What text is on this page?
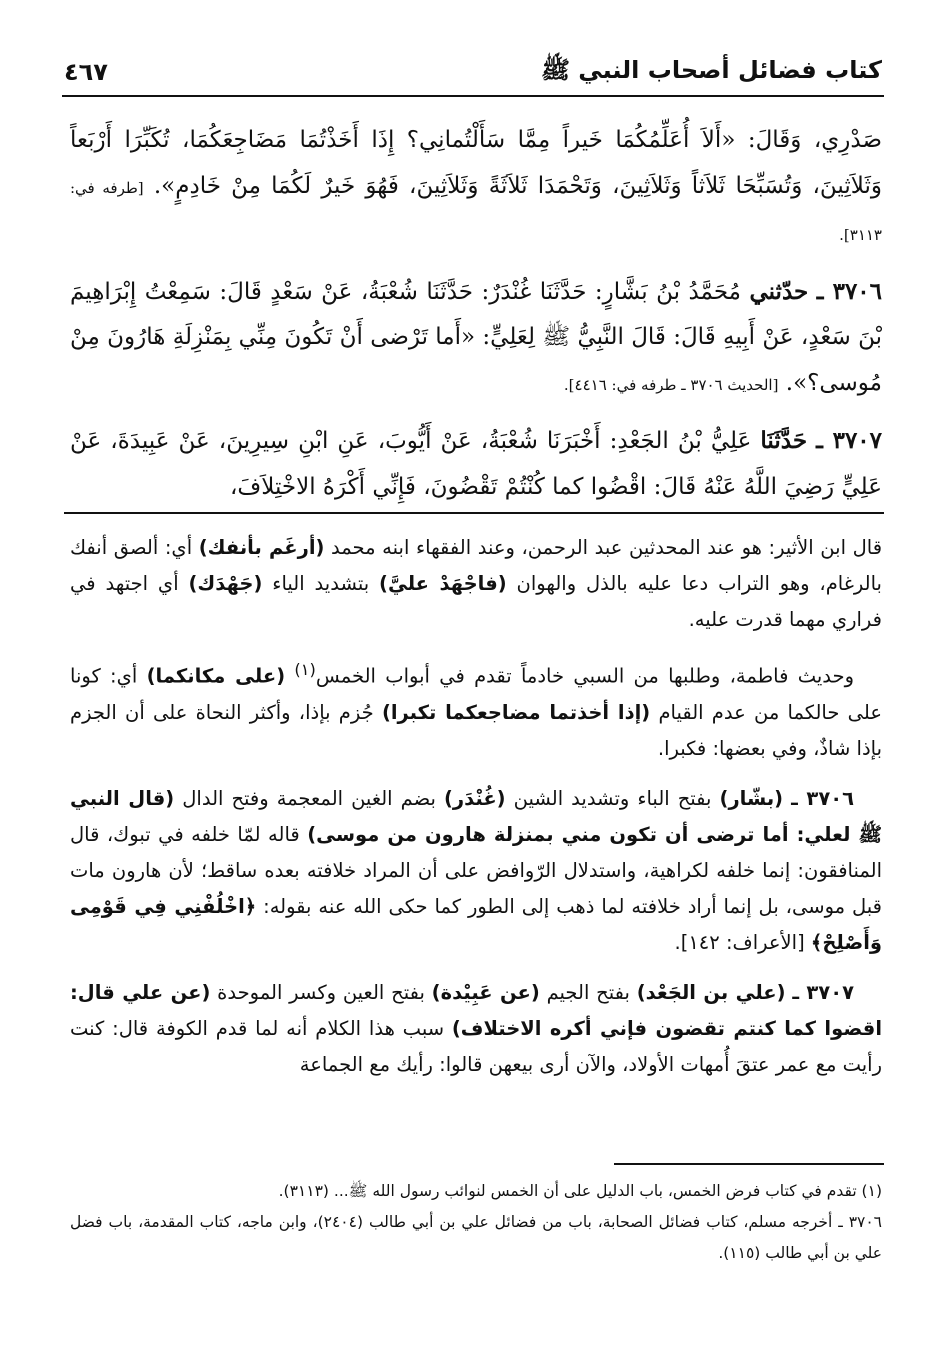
كتاب فضائل أصحاب النبي ﷺ
٤٦٧

صَدْرِي، وَقَالَ: «أَلاَ أُعَلِّمُكُمَا خَيراً مِمَّا سَأَلْتُمانِي؟ إِذَا أَخَذْتُمَا مَضَاجِعَكُمَا، تُكَبِّرَا أَرْبَعاً وَثَلاَثِينَ، وَتُسَبِّحَا ثَلاَثاً وَثَلاَثِينَ، وَتَحْمَدَا ثَلاَثَةً وَثَلاَثِينَ، فَهُوَ خَيرٌ لَكُمَا مِنْ خَادِمٍ». [طرفه في: ٣١١٣].

٣٧٠٦ ـ حدّثني مُحَمَّدُ بْنُ بَشَّارٍ: حَدَّثَنَا غُنْدَرٌ: حَدَّثَنَا شُعْبَةُ، عَنْ سَعْدٍ قَالَ: سَمِعْتُ إِبْرَاهِيمَ بْنَ سَعْدٍ، عَنْ أَبِيهِ قَالَ: قَالَ النَّبِيُّ ﷺ لِعَلِيٍّ: «أَما تَرْضى أَنْ تَكُونَ مِنِّي بِمَنْزِلَةِ هَارُونَ مِنْ مُوسى؟». [الحديث ٣٧٠٦ ـ طرفه في: ٤٤١٦].

٣٧٠٧ ـ حَدَّثَنَا عَلِيُّ بْنُ الجَعْدِ: أَخْبَرَنَا شُعْبَةُ، عَنْ أَيُّوبَ، عَنِ ابْنِ سِيرِينَ، عَنْ عَبِيدَةَ، عَنْ عَلِيٍّ رَضِيَ اللَّهُ عَنْهُ قَالَ: اقْضُوا كما كُنْتُمْ تَقْضُونَ، فَإِنِّي أَكْرَهُ الاخْتِلاَفَ،

قال ابن الأثير: هو عند المحدثين عبد الرحمن، وعند الفقهاء ابنه محمد (أرغَم بأنفك) أي: ألصق أنفك بالرغام، وهو التراب دعا عليه بالذل والهوان (فاجْهَدْ عليَّ) بتشديد الياء (جَهْدَك) أي اجتهد في فراري مهما قدرت عليه.

وحديث فاطمة، وطلبها من السبي خادماً تقدم في أبواب الخمس$^{(١)}$ (على مكانكما) أي: كونا على حالكما من عدم القيام (إذا أخذتما مضاجعكما تكبرا) جُزم بإذا، وأكثر النحاة على أن الجزم بإذا شاذٌ، وفي بعضها: فكبرا.

٣٧٠٦ ـ (بشّار) بفتح الباء وتشديد الشين (غُنْدَر) بضم الغين المعجمة وفتح الدال (قال النبي ﷺ لعلي: أما ترضى أن تكون مني بمنزلة هارون من موسى) قاله لمّا خلفه في تبوك، قال المنافقون: إنما خلفه لكراهية، واستدلال الرّوافض على أن المراد خلافته بعده ساقط؛ لأن هارون مات قبل موسى، بل إنما أراد خلافته لما ذهب إلى الطور كما حكى الله عنه بقوله: ﴿اخْلُفْنِي فِي قَوْمِى وَأَصْلِحْ﴾ [الأعراف: ١٤٢].

٣٧٠٧ ـ (علي بن الجَعْد) بفتح الجيم (عن عَبِيْدة) بفتح العين وكسر الموحدة (عن علي قال: اقضوا كما كنتم تقضون فإني أكره الاختلاف) سبب هذا الكلام أنه لما قدم الكوفة قال: كنت رأيت مع عمر عتقَ أُمهات الأولاد، والآن أرى بيعهن قالوا: رأيك مع الجماعة

(١) تقدم في كتاب فرض الخمس، باب الدليل على أن الخمس لنوائب رسول الله ﷺ... (٣١١٣).

٣٧٠٦ ـ أخرجه مسلم، كتاب فضائل الصحابة، باب من فضائل علي بن أبي طالب (٢٤٠٤)، وابن ماجه، كتاب المقدمة، باب فضل علي بن أبي طالب (١١٥).
